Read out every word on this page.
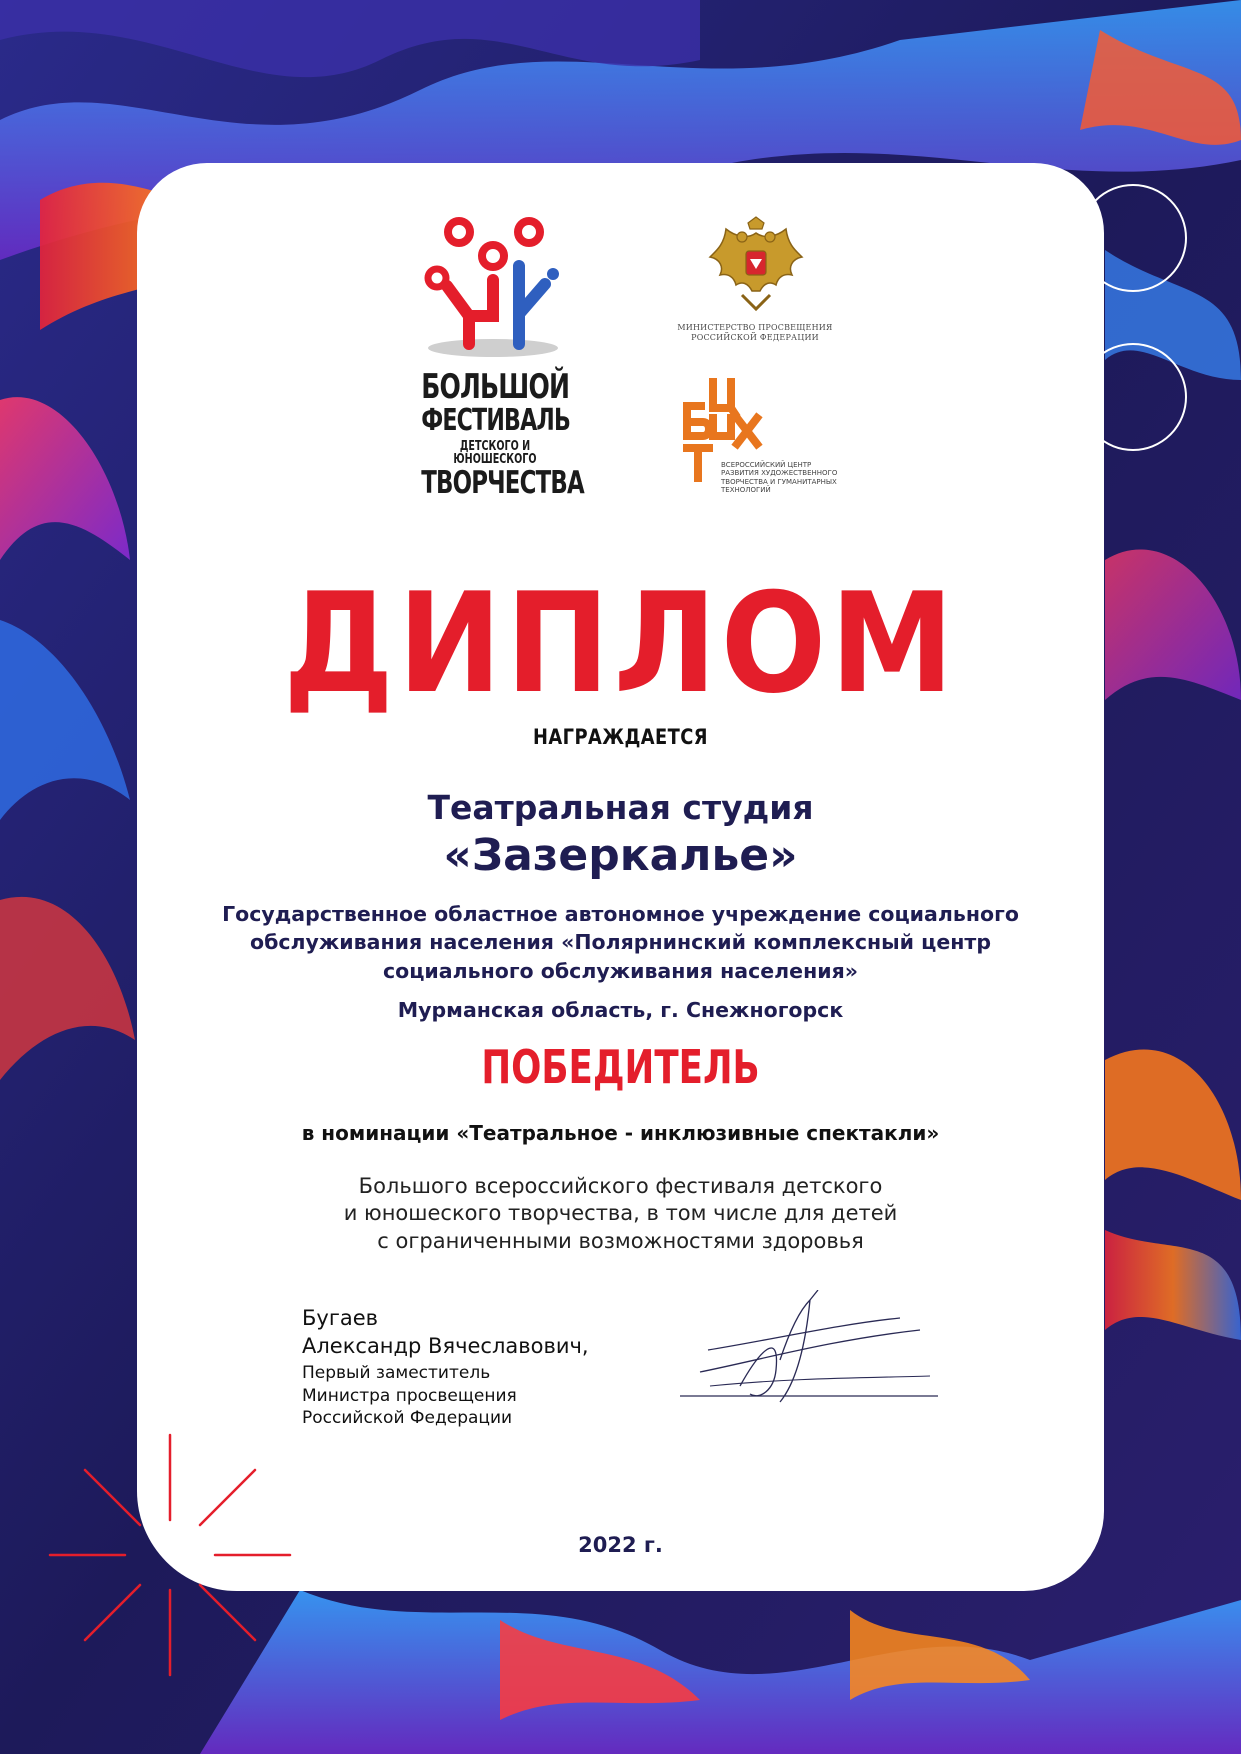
БОЛЬШОЙ
ФЕСТИВАЛЬ
ДЕТСКОГО И ЮНОШЕСКОГО
ТВОРЧЕСТВА
МИНИСТЕРСТВО ПРОСВЕЩЕНИЯ
РОССИЙСКОЙ ФЕДЕРАЦИИ
ВСЕРОССИЙСКИЙ ЦЕНТР
РАЗВИТИЯ ХУДОЖЕСТВЕННОГО
ТВОРЧЕСТВА И ГУМАНИТАРНЫХ
ТЕХНОЛОГИЙ
ДИПЛОМ
НАГРАЖДАЕТСЯ
Театральная студия
«Зазеркалье»
Государственное областное автономное учреждение социального
обслуживания населения «Полярнинский комплексный центр
социального обслуживания населения»
Мурманская область, г. Снежногорск
ПОБЕДИТЕЛЬ
в номинации «Театральное - инклюзивные спектакли»
Большого всероссийского фестиваля детского
и юношеского творчества, в том числе для детей
с ограниченными возможностями здоровья
Бугаев
Александр Вячеславович,
Первый заместитель
Министра просвещения
Российской Федерации
2022 г.
